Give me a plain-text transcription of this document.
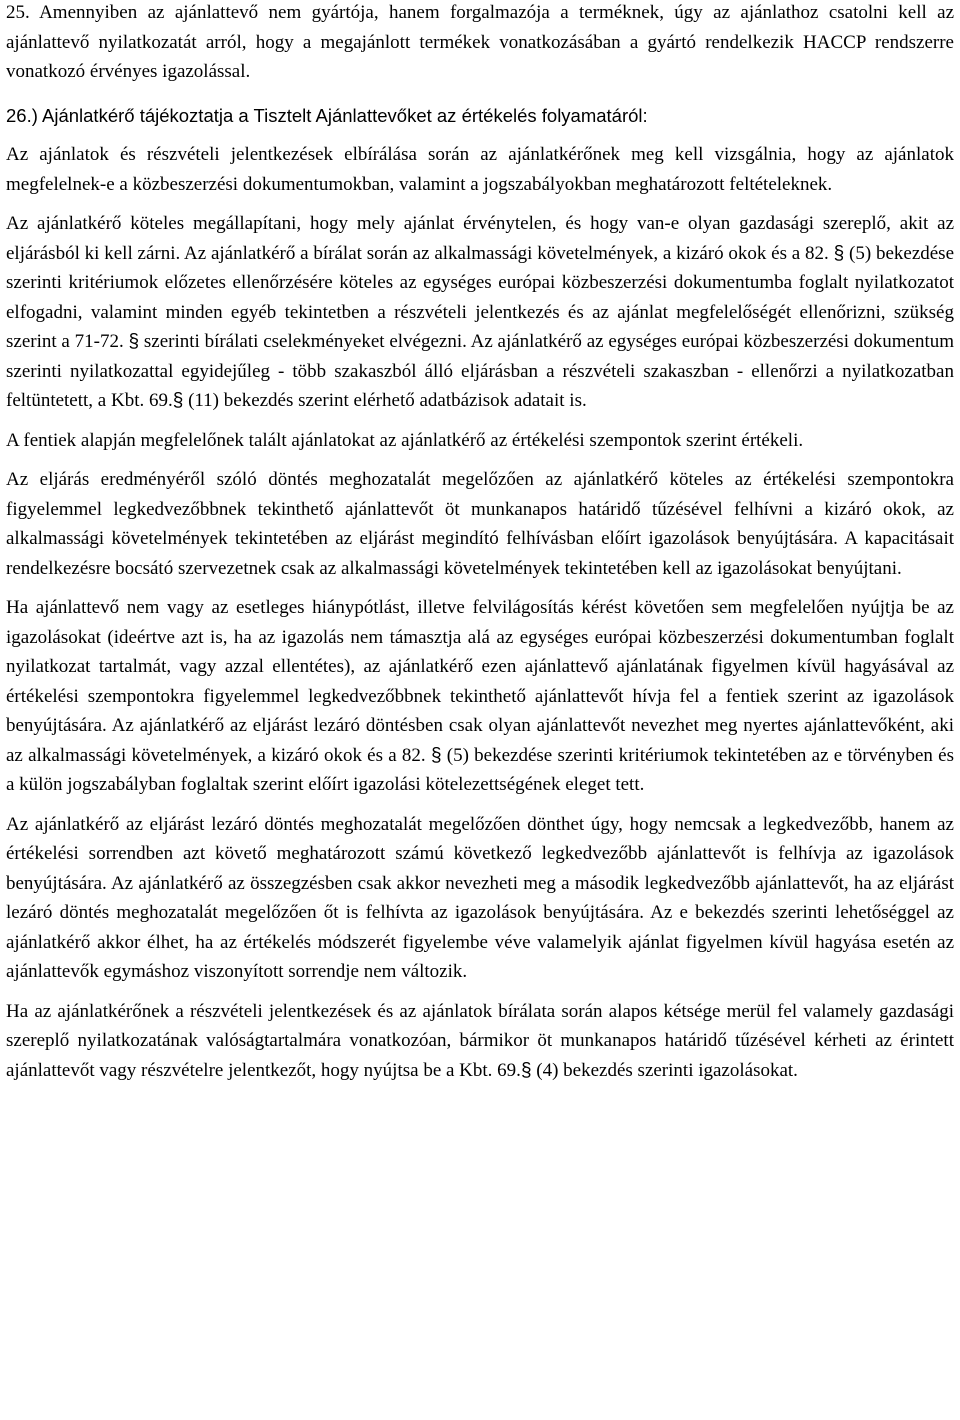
25. Amennyiben az ajánlattevő nem gyártója, hanem forgalmazója a terméknek, úgy az ajánlathoz csatolni kell az ajánlattevő nyilatkozatát arról, hogy a megajánlott termékek vonatkozásában a gyártó rendelkezik HACCP rendszerre vonatkozó érvényes igazolással.

26.) Ajánlatkérő tájékoztatja a Tisztelt Ajánlattevőket az értékelés folyamatáról:

Az ajánlatok és részvételi jelentkezések elbírálása során az ajánlatkérőnek meg kell vizsgálnia, hogy az ajánlatok megfelelnek-e a közbeszerzési dokumentumokban, valamint a jogszabályokban meghatározott feltételeknek.

Az ajánlatkérő köteles megállapítani, hogy mely ajánlat érvénytelen, és hogy van-e olyan gazdasági szereplő, akit az eljárásból ki kell zárni. Az ajánlatkérő a bírálat során az alkalmassági követelmények, a kizáró okok és a 82. § (5) bekezdése szerinti kritériumok előzetes ellenőrzésére köteles az egységes európai közbeszerzési dokumentumba foglalt nyilatkozatot elfogadni, valamint minden egyéb tekintetben a részvételi jelentkezés és az ajánlat megfelelőségét ellenőrizni, szükség szerint a 71-72. § szerinti bírálati cselekményeket elvégezni. Az ajánlatkérő az egységes európai közbeszerzési dokumentum szerinti nyilatkozattal egyidejűleg - több szakaszból álló eljárásban a részvételi szakaszban - ellenőrzi a nyilatkozatban feltüntetett, a Kbt. 69.§ (11) bekezdés szerint elérhető adatbázisok adatait is.

A fentiek alapján megfelelőnek talált ajánlatokat az ajánlatkérő az értékelési szempontok szerint értékeli.

Az eljárás eredményéről szóló döntés meghozatalát megelőzően az ajánlatkérő köteles az értékelési szempontokra figyelemmel legkedvezőbbnek tekinthető ajánlattevőt öt munkanapos határidő tűzésével felhívni a kizáró okok, az alkalmassági követelmények tekintetében az eljárást megindító felhívásban előírt igazolások benyújtására. A kapacitásait rendelkezésre bocsátó szervezetnek csak az alkalmassági követelmények tekintetében kell az igazolásokat benyújtani.

Ha ajánlattevő nem vagy az esetleges hiánypótlást, illetve felvilágosítás kérést követően sem megfelelően nyújtja be az igazolásokat (ideértve azt is, ha az igazolás nem támasztja alá az egységes európai közbeszerzési dokumentumban foglalt nyilatkozat tartalmát, vagy azzal ellentétes), az ajánlatkérő ezen ajánlattevő ajánlatának figyelmen kívül hagyásával az értékelési szempontokra figyelemmel legkedvezőbbnek tekinthető ajánlattevőt hívja fel a fentiek szerint az igazolások benyújtására. Az ajánlatkérő az eljárást lezáró döntésben csak olyan ajánlattevőt nevezhet meg nyertes ajánlattevőként, aki az alkalmassági követelmények, a kizáró okok és a 82. § (5) bekezdése szerinti kritériumok tekintetében az e törvényben és a külön jogszabályban foglaltak szerint előírt igazolási kötelezettségének eleget tett.

Az ajánlatkérő az eljárást lezáró döntés meghozatalát megelőzően dönthet úgy, hogy nemcsak a legkedvezőbb, hanem az értékelési sorrendben azt követő meghatározott számú következő legkedvezőbb ajánlattevőt is felhívja az igazolások benyújtására. Az ajánlatkérő az összegzésben csak akkor nevezheti meg a második legkedvezőbb ajánlattevőt, ha az eljárást lezáró döntés meghozatalát megelőzően őt is felhívta az igazolások benyújtására. Az e bekezdés szerinti lehetőséggel az ajánlatkérő akkor élhet, ha az értékelés módszerét figyelembe véve valamelyik ajánlat figyelmen kívül hagyása esetén az ajánlattevők egymáshoz viszonyított sorrendje nem változik.

Ha az ajánlatkérőnek a részvételi jelentkezések és az ajánlatok bírálata során alapos kétsége merül fel valamely gazdasági szereplő nyilatkozatának valóságtartalmára vonatkozóan, bármikor öt munkanapos határidő tűzésével kérheti az érintett ajánlattevőt vagy részvételre jelentkezőt, hogy nyújtsa be a Kbt. 69.§ (4) bekezdés szerinti igazolásokat.
